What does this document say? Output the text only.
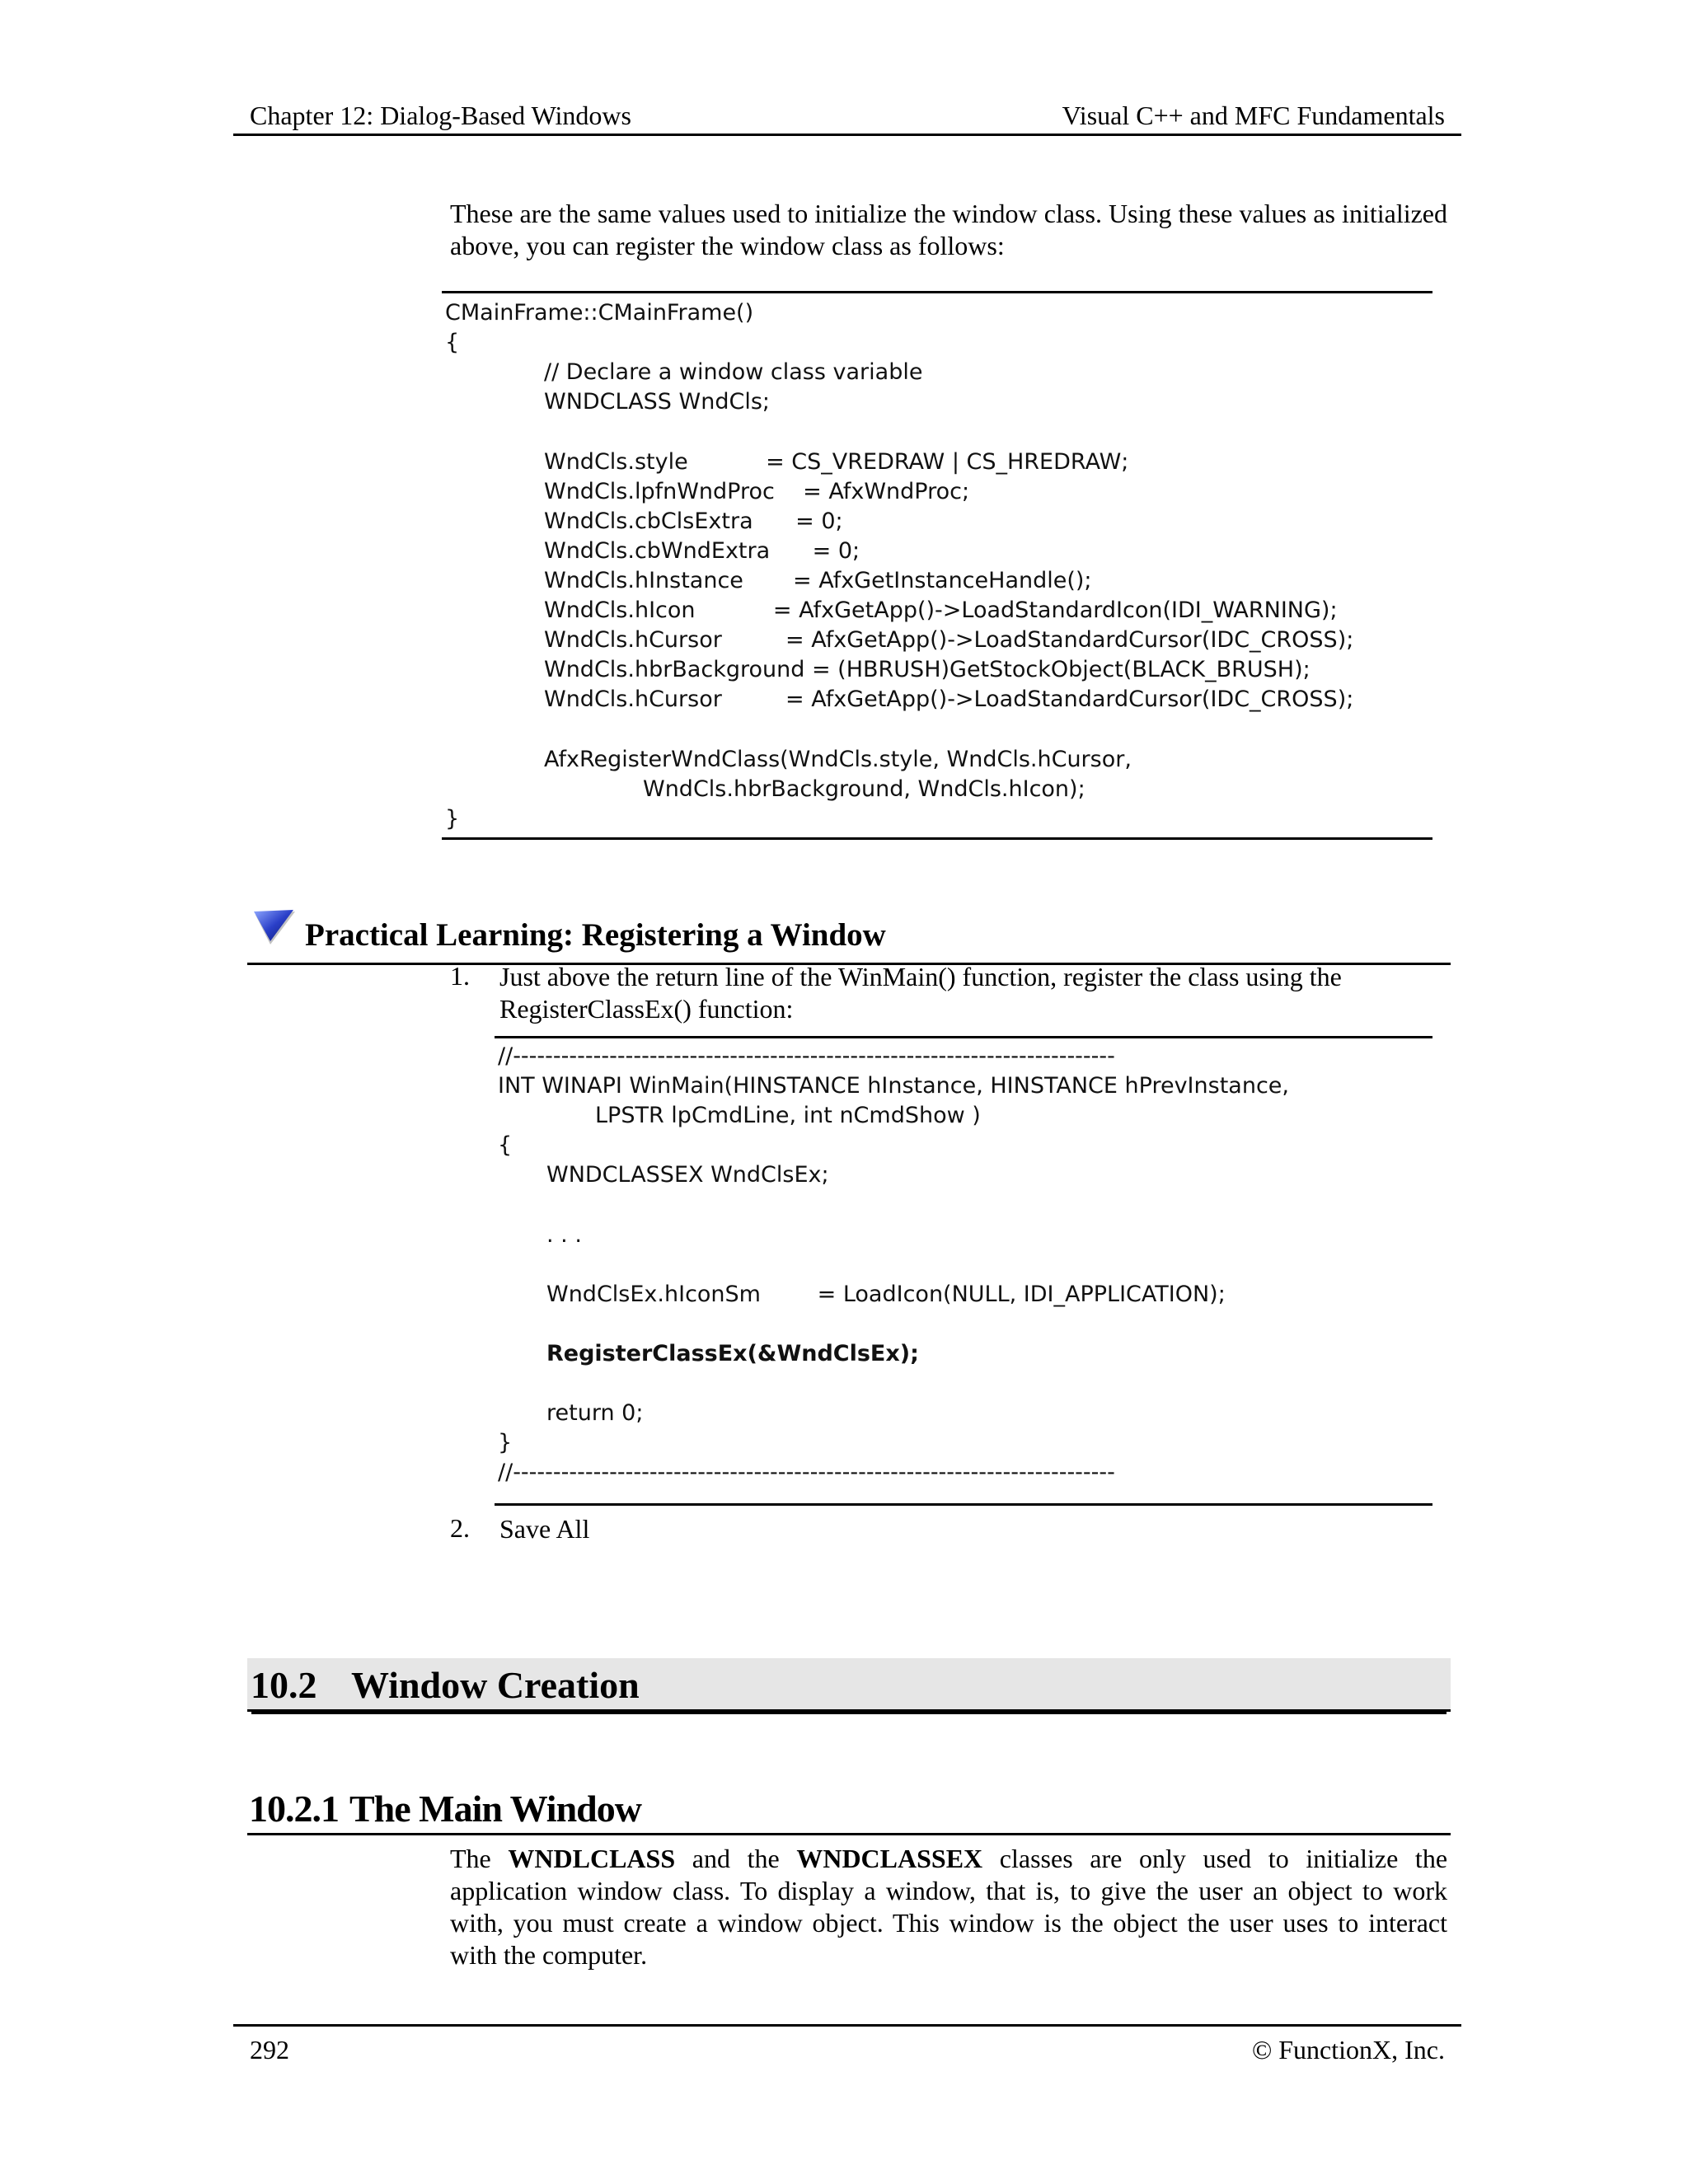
Chapter 12: Dialog-Based Windows	Visual C++ and MFC Fundamentals

These are the same values used to initialize the window class. Using these values as initialized above, you can register the window class as follows:

CMainFrame::CMainFrame()
{
// Declare a window class variable
WNDCLASS WndCls;
WndCls.style           = CS_VREDRAW | CS_HREDRAW;
WndCls.lpfnWndProc    = AfxWndProc;
WndCls.cbClsExtra      = 0;
WndCls.cbWndExtra      = 0;
WndCls.hInstance       = AfxGetInstanceHandle();
WndCls.hIcon           = AfxGetApp()->LoadStandardIcon(IDI_WARNING);
WndCls.hCursor         = AfxGetApp()->LoadStandardCursor(IDC_CROSS);
WndCls.hbrBackground = (HBRUSH)GetStockObject(BLACK_BRUSH);
WndCls.hCursor         = AfxGetApp()->LoadStandardCursor(IDC_CROSS);
AfxRegisterWndClass(WndCls.style, WndCls.hCursor,
WndCls.hbrBackground, WndCls.hIcon);
}
Practical Learning: Registering a Window
1. Just above the return line of the WinMain() function, register the class using the RegisterClassEx() function:
//---------------------------------------------------------------------------
INT WINAPI WinMain(HINSTANCE hInstance, HINSTANCE hPrevInstance,
LPSTR lpCmdLine, int nCmdShow )
{
WNDCLASSEX WndClsEx;
. . .
WndClsEx.hIconSm        = LoadIcon(NULL, IDI_APPLICATION);
RegisterClassEx(&WndClsEx);
return 0;
}
//---------------------------------------------------------------------------
2. Save All
10.2 Window Creation
10.2.1 The Main Window

The WNDLCLASS and the WNDCLASSEX classes are only used to initialize the application window class. To display a window, that is, to give the user an object to work with, you must create a window object. This window is the object the user uses to interact with the computer.

292	© FunctionX, Inc.
